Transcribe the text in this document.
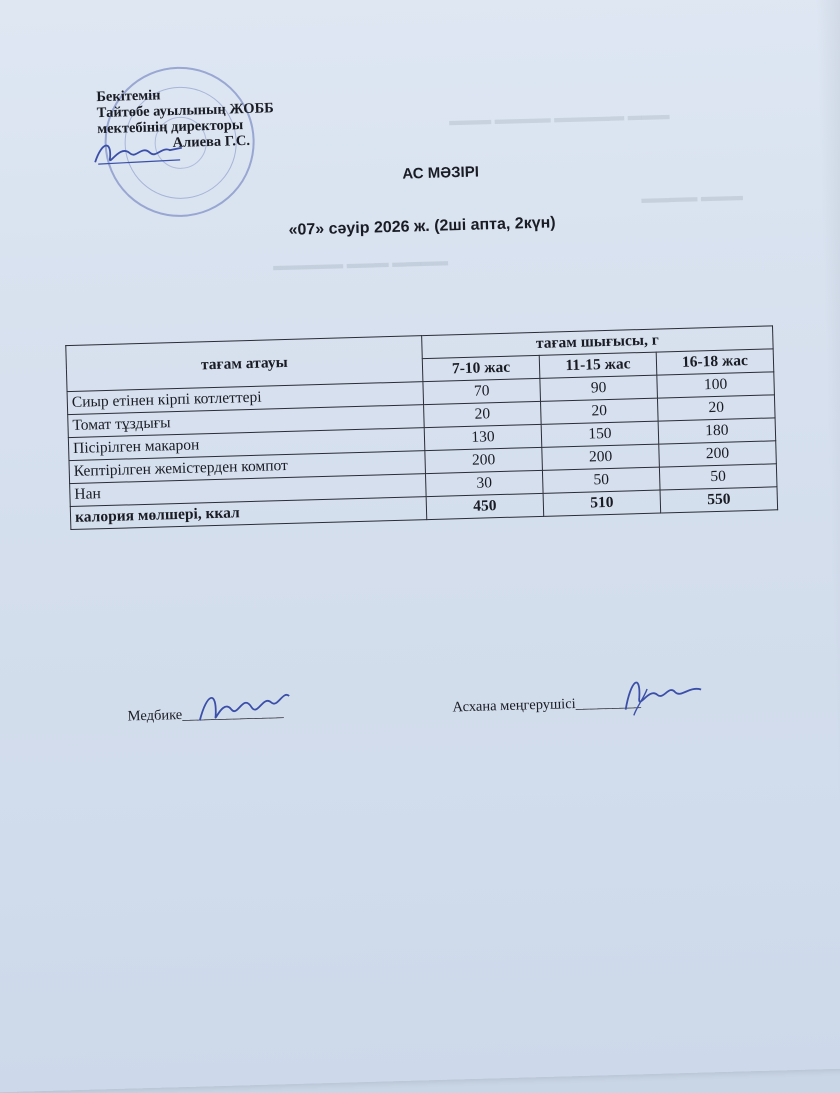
▬▬▬ ▬▬▬▬▬ ▬▬▬▬ ▬▬▬
▬▬▬ ▬▬▬▬
▬▬▬▬ ▬▬▬ ▬▬▬▬▬
Бекітемін
Тайтөбе ауылының ЖОББ
мектебінің директоры
Алиева Г.С.
АС МӘЗІРІ
«07» сәуір 2026 ж. (2ші апта, 2күн)
тағам атауы	тағам шығысы, г		
	7-10 жас	11-15 жас	16-18 жас
Сиыр етінен кірпі котлеттері	70	90	100
Томат тұздығы	20	20	20
Пісірілген макарон	130	150	180
Кептірілген жемістерден компот	200	200	200
Нан	30	50	50
калория мөлшері, ккал	450	510	550
Медбике______________	Асхана меңгерушісі_________
